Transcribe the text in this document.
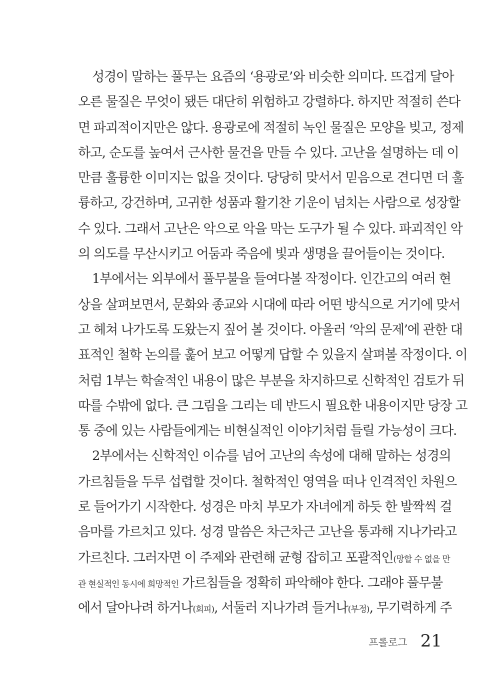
성경이 말하는 풀무는 요즘의 ‘용광로’와 비슷한 의미다. 뜨겁게 달아
오른 물질은 무엇이 됐든 대단히 위험하고 강렬하다. 하지만 적절히 쓴다
면 파괴적이지만은 않다. 용광로에 적절히 녹인 물질은 모양을 빚고, 정제
하고, 순도를 높여서 근사한 물건을 만들 수 있다. 고난을 설명하는 데 이
만큼 훌륭한 이미지는 없을 것이다. 당당히 맞서서 믿음으로 견디면 더 훌
륭하고, 강건하며, 고귀한 성품과 활기찬 기운이 넘치는 사람으로 성장할
수 있다. 그래서 고난은 악으로 악을 막는 도구가 될 수 있다. 파괴적인 악
의 의도를 무산시키고 어둠과 죽음에 빛과 생명을 끌어들이는 것이다.
1부에서는 외부에서 풀무불을 들여다볼 작정이다. 인간고의 여러 현
상을 살펴보면서, 문화와 종교와 시대에 따라 어떤 방식으로 거기에 맞서
고 헤쳐 나가도록 도왔는지 짚어 볼 것이다. 아울러 ‘악의 문제’에 관한 대
표적인 철학 논의를 훑어 보고 어떻게 답할 수 있을지 살펴볼 작정이다. 이
처럼 1부는 학술적인 내용이 많은 부분을 차지하므로 신학적인 검토가 뒤
따를 수밖에 없다. 큰 그림을 그리는 데 반드시 필요한 내용이지만 당장 고
통 중에 있는 사람들에게는 비현실적인 이야기처럼 들릴 가능성이 크다.
2부에서는 신학적인 이슈를 넘어 고난의 속성에 대해 말하는 성경의
가르침들을 두루 섭렵할 것이다. 철학적인 영역을 떠나 인격적인 차원으
로 들어가기 시작한다. 성경은 마치 부모가 자녀에게 하듯 한 발짝씩 걸
음마를 가르치고 있다. 성경 말씀은 차근차근 고난을 통과해 지나가라고
가르친다. 그러자면 이 주제와 관련해 균형 잡히고 포괄적인(망할 수 없을 만
관 현실적인 동시에 희망적인 가르침들을 정확히 파악해야 한다. 그래야 풀무불
에서 달아나려 하거나(회피), 서둘러 지나가려 들거나(부정), 무기력하게 주
프롤로그 21
